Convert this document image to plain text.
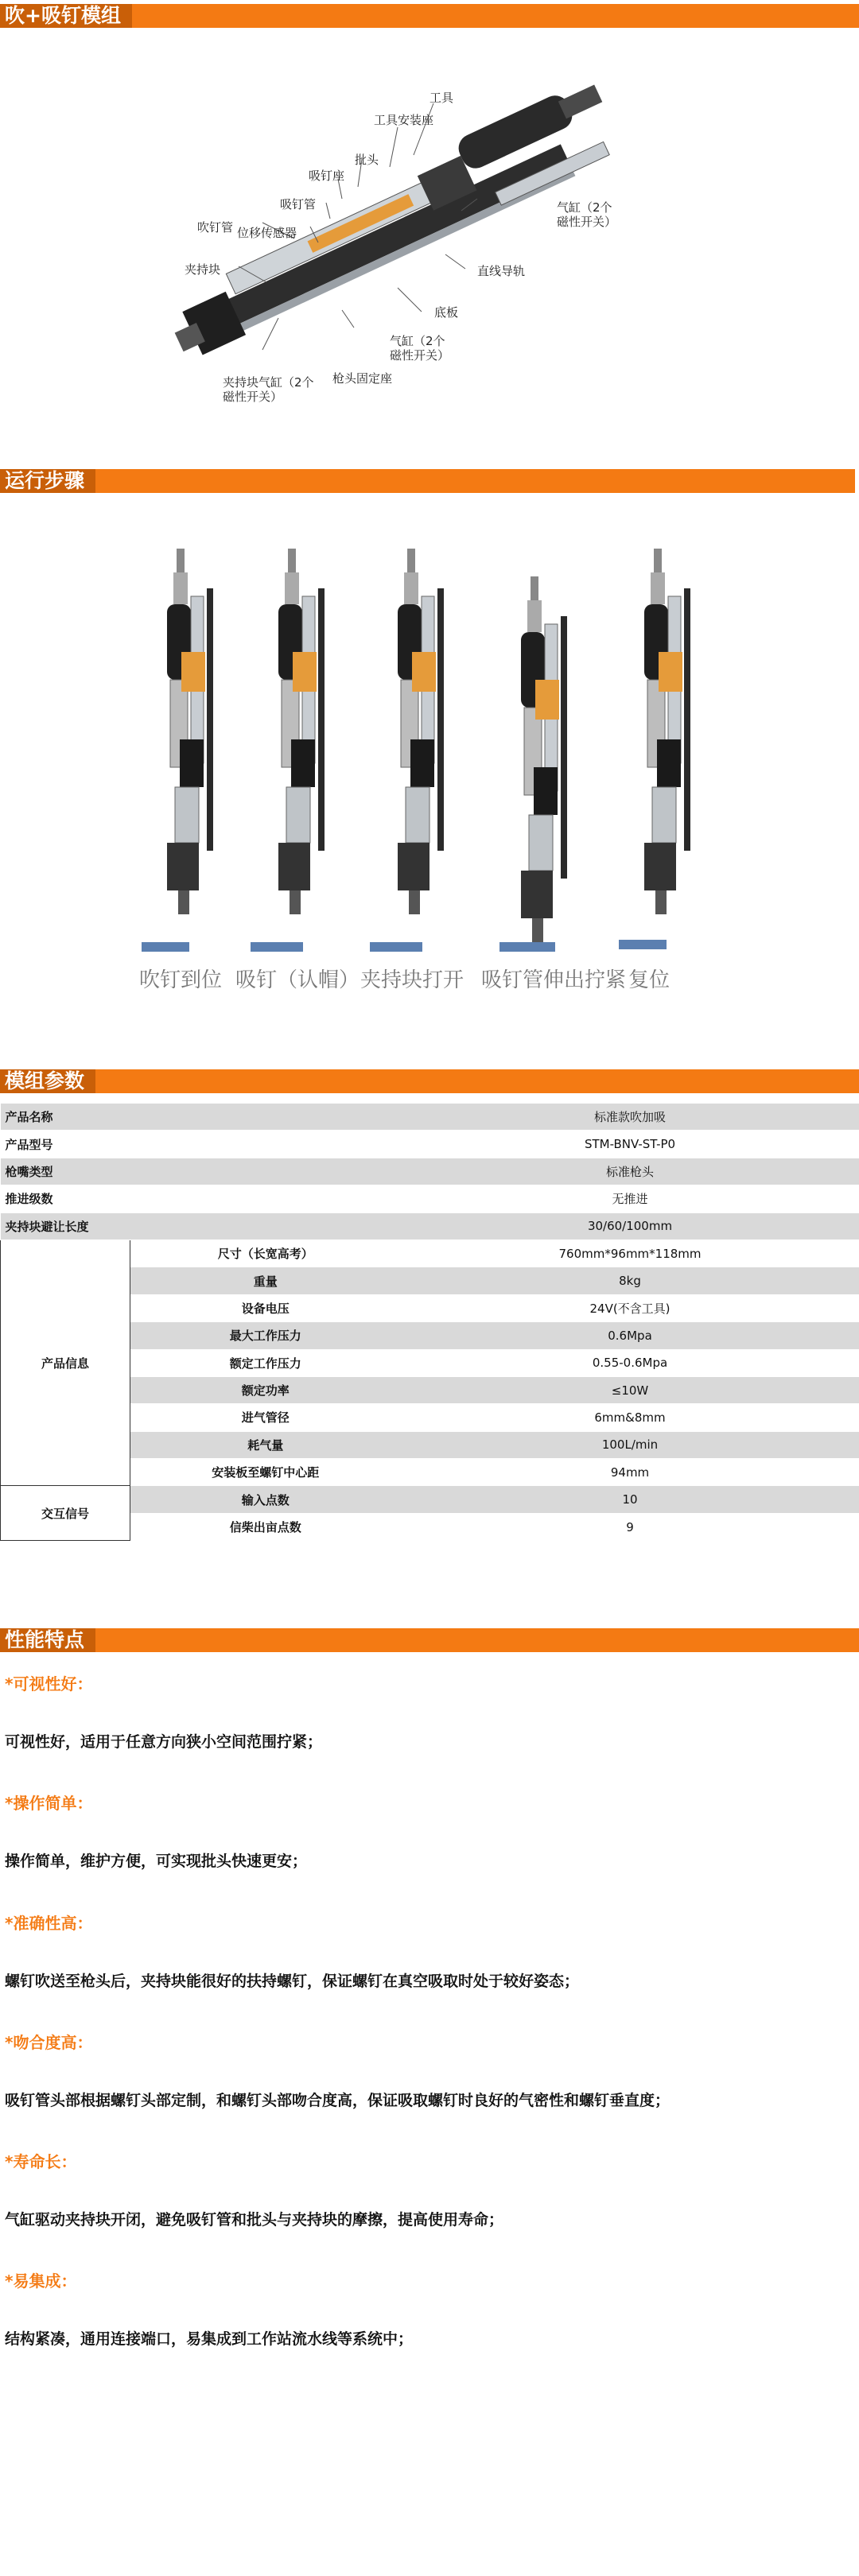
吹+吸钉模组
工具
工具安装座
批头
吸钉座
吸钉管
吹钉管 位移传感器
夹持块
气缸（2个
磁性开关）
直线导轨
底板
气缸（2个
磁性开关）
夹持块气缸（2个
磁性开关）
枪头固定座
运行步骤
吹钉到位 吸钉（认帽） 夹持块打开 吸钉管伸出拧紧 复位
模组参数
产品名称		标准款吹加吸
产品型号		STM-BNV-ST-P0
枪嘴类型		标准枪头
推进级数		无推进
夹持块避让长度		30/60/100mm
产品信息	尺寸（长宽高考）	760mm*96mm*118mm
	重量	8kg
	设备电压	24V(不含工具)
	最大工作压力	0.6Mpa
	额定工作压力	0.55-0.6Mpa
	额定功率	≤10W
	进气管径	6mm&8mm
	耗气量	100L/min
	安装板至螺钉中心距	94mm
交互信号	输入点数	10
	信柴出亩点数	9
性能特点
*可视性好：
可视性好，适用于任意方向狭小空间范围拧紧；
*操作简单：
操作简单，维护方便，可实现批头快速更安；
*准确性高：
螺钉吹送至枪头后，夹持块能很好的扶持螺钉，保证螺钉在真空吸取时处于较好姿态；
*吻合度高：
吸钉管头部根据螺钉头部定制，和螺钉头部吻合度高，保证吸取螺钉时良好的气密性和螺钉垂直度；
*寿命长：
气缸驱动夹持块开闭，避免吸钉管和批头与夹持块的摩擦，提高使用寿命；
*易集成：
结构紧凑，通用连接端口，易集成到工作站流水线等系统中；
